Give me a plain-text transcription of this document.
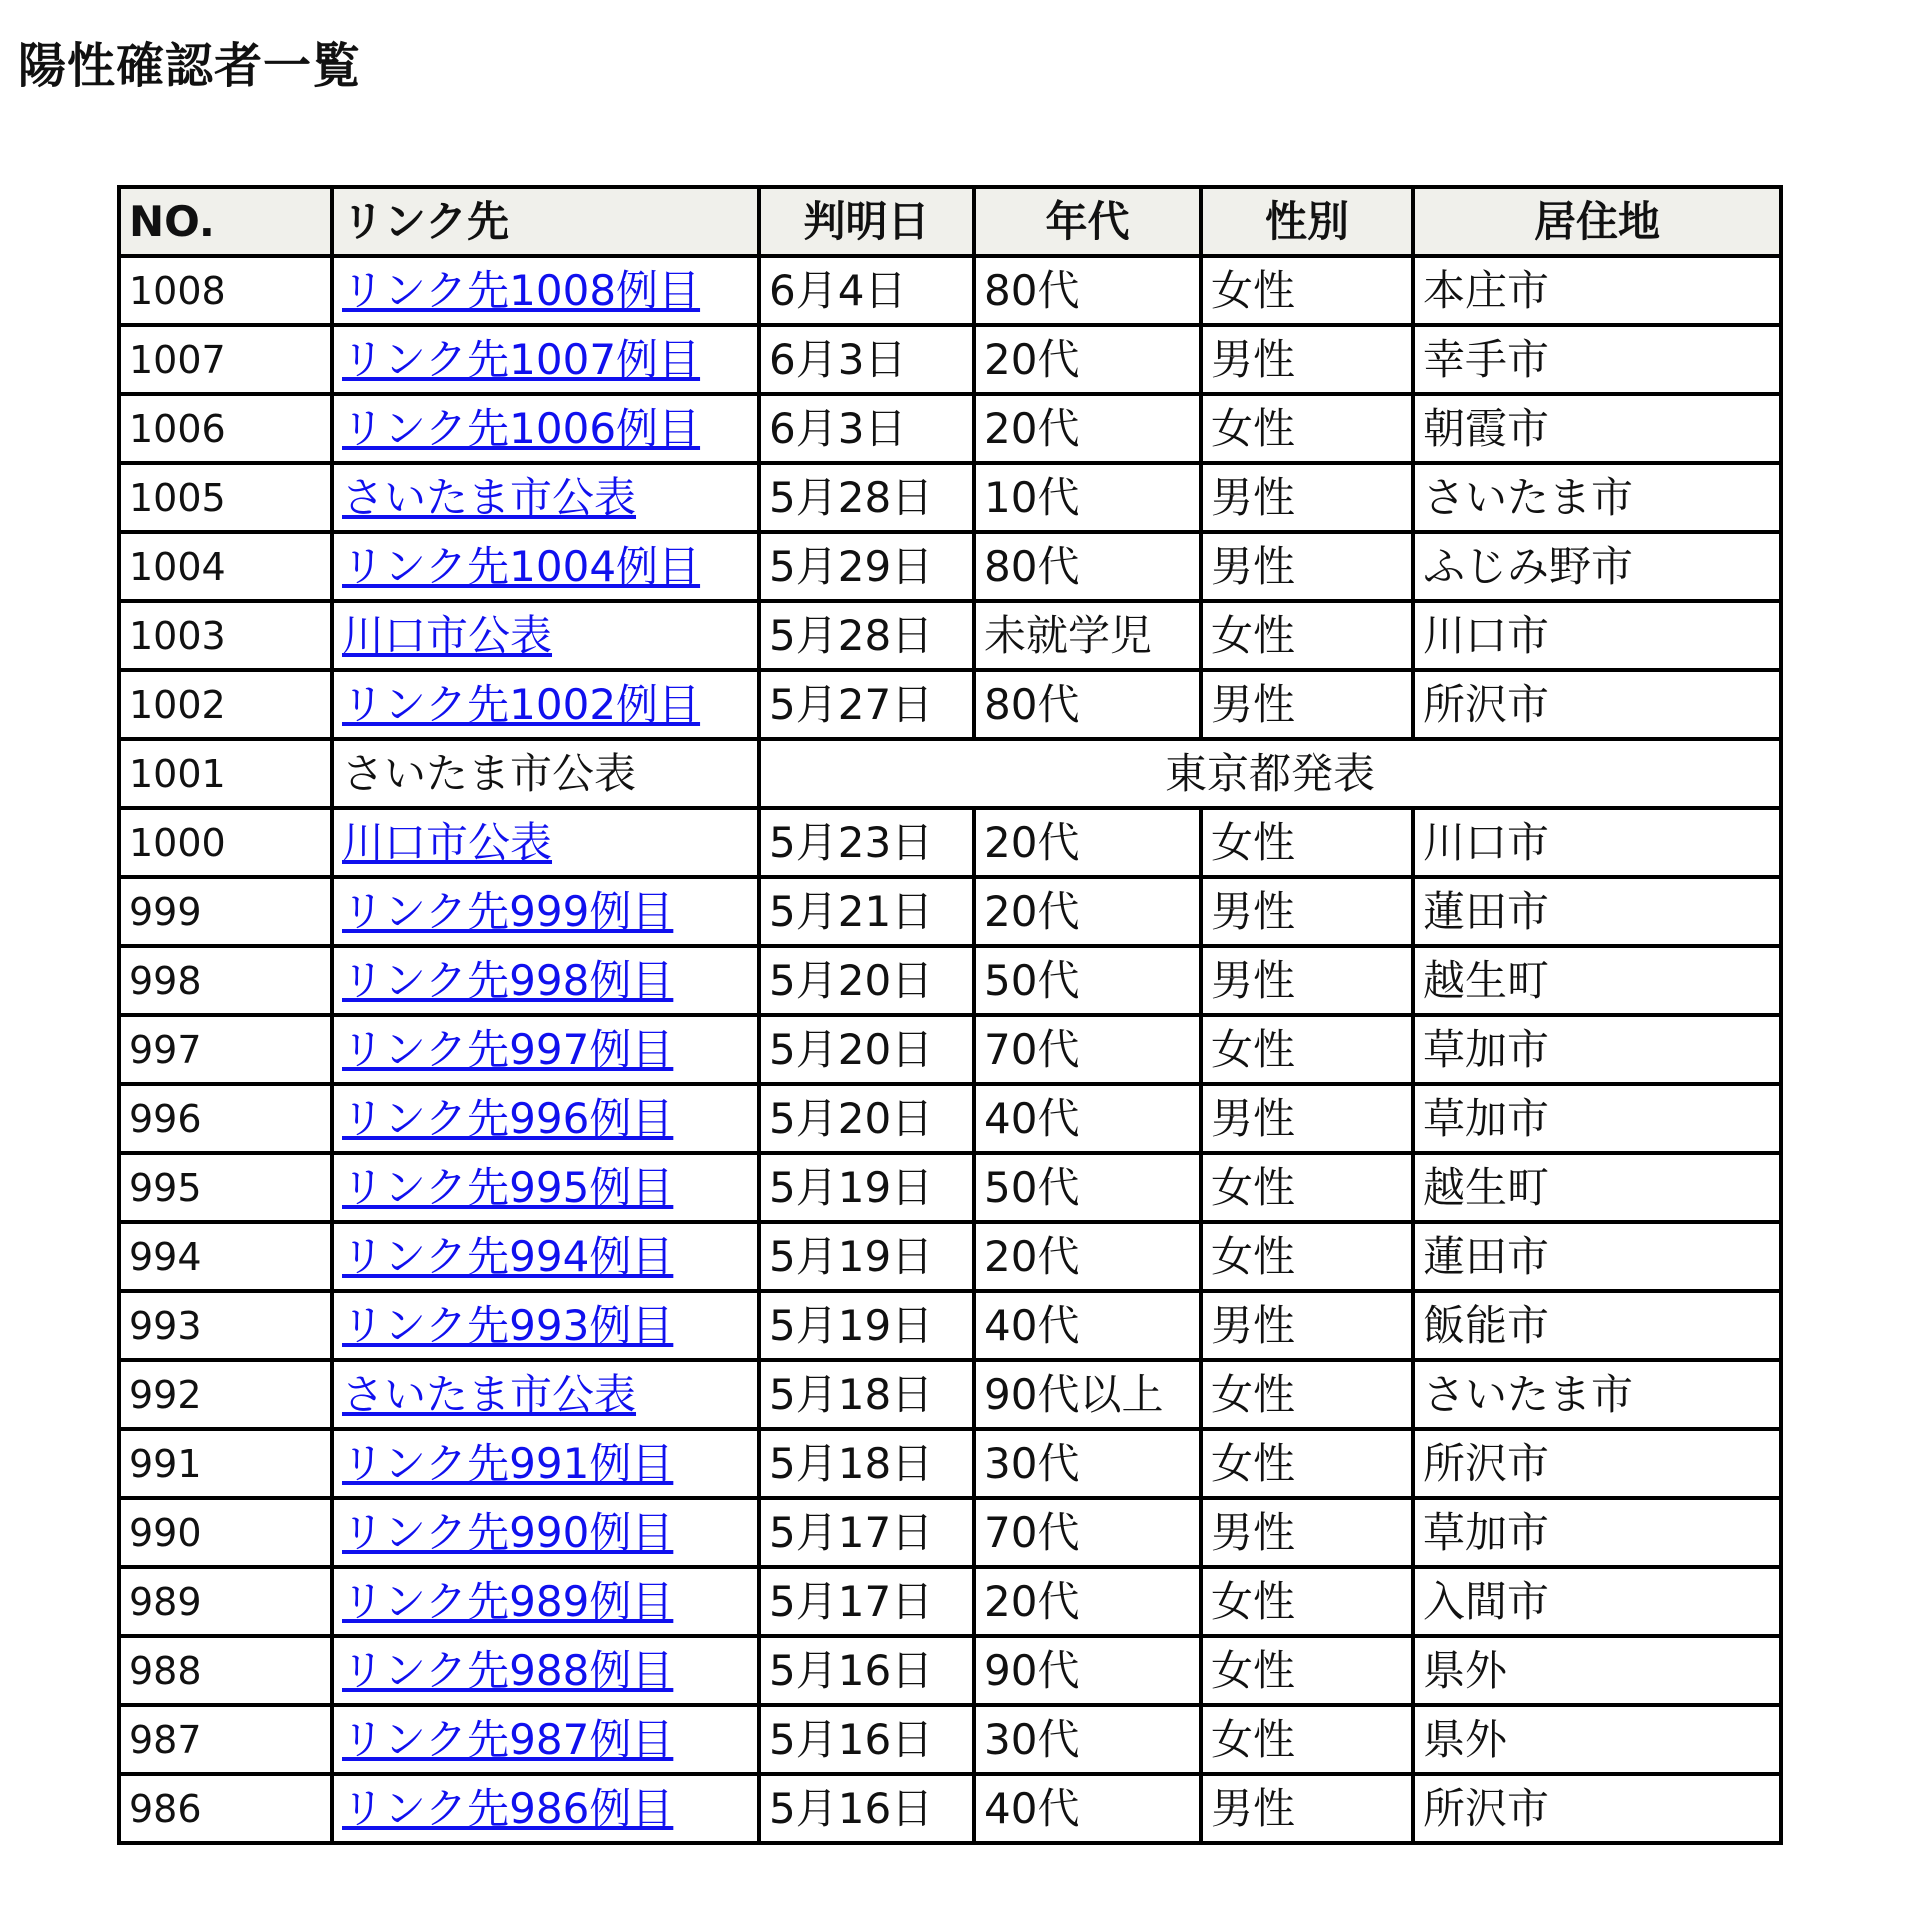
陽性確認者一覧
NO.	リンク先	判明日	年代	性別	居住地
1008	リンク先1008例目	6月4日	80代	女性	本庄市
1007	リンク先1007例目	6月3日	20代	男性	幸手市
1006	リンク先1006例目	6月3日	20代	女性	朝霞市
1005	さいたま市公表	5月28日	10代	男性	さいたま市
1004	リンク先1004例目	5月29日	80代	男性	ふじみ野市
1003	川口市公表	5月28日	未就学児	女性	川口市
1002	リンク先1002例目	5月27日	80代	男性	所沢市
1001	さいたま市公表	東京都発表			
1000	川口市公表	5月23日	20代	女性	川口市
999	リンク先999例目	5月21日	20代	男性	蓮田市
998	リンク先998例目	5月20日	50代	男性	越生町
997	リンク先997例目	5月20日	70代	女性	草加市
996	リンク先996例目	5月20日	40代	男性	草加市
995	リンク先995例目	5月19日	50代	女性	越生町
994	リンク先994例目	5月19日	20代	女性	蓮田市
993	リンク先993例目	5月19日	40代	男性	飯能市
992	さいたま市公表	5月18日	90代以上	女性	さいたま市
991	リンク先991例目	5月18日	30代	女性	所沢市
990	リンク先990例目	5月17日	70代	男性	草加市
989	リンク先989例目	5月17日	20代	女性	入間市
988	リンク先988例目	5月16日	90代	女性	県外
987	リンク先987例目	5月16日	30代	女性	県外
986	リンク先986例目	5月16日	40代	男性	所沢市
